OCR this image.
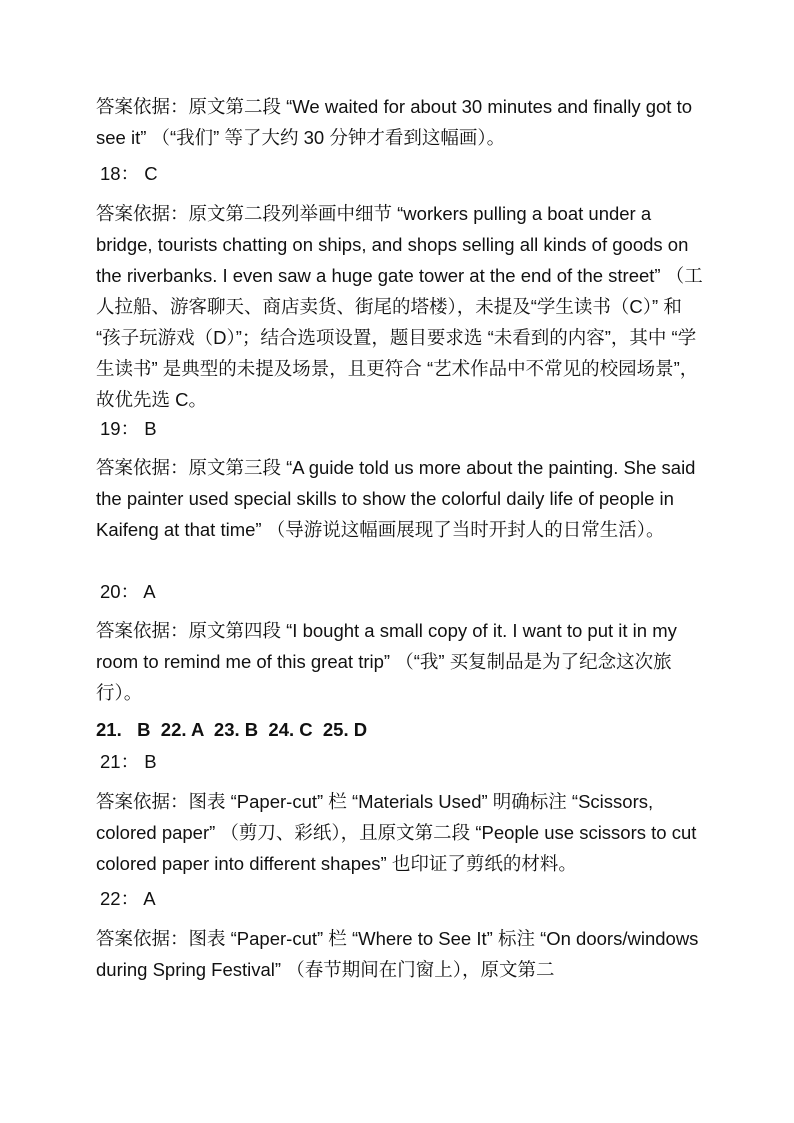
答案依据：原文第二段 “We waited for about 30 minutes and finally got to see it” （“我们” 等了大约 30 分钟才看到这幅画）。

18： C

答案依据：原文第二段列举画中细节 “workers pulling a boat under a bridge, tourists chatting on ships, and shops selling all kinds of goods on the riverbanks. I even saw a huge gate tower at the end of the street” （工人拉船、游客聊天、商店卖货、街尾的塔楼），未提及“学生读书（C）” 和 “孩子玩游戏（D）”；结合选项设置，题目要求选 “未看到的内容”，其中 “学生读书” 是典型的未提及场景，且更符合 “艺术作品中不常见的校园场景”，故优先选 C。

19： B

答案依据：原文第三段 “A guide told us more about the painting. She said the painter used special skills to show the colorful daily life of people in Kaifeng at that time” （导游说这幅画展现了当时开封人的日常生活）。

20： A

答案依据：原文第四段 “I bought a small copy of it. I want to put it in my room to remind me of this great trip” （“我” 买复制品是为了纪念这次旅行）。

21.   B  22. A  23. B  24. C  25. D

21： B

答案依据：图表 “Paper-cut” 栏 “Materials Used” 明确标注 “Scissors, colored paper” （剪刀、彩纸），且原文第二段 “People use scissors to cut colored paper into different shapes” 也印证了剪纸的材料。

22： A

答案依据：图表 “Paper-cut” 栏 “Where to See It” 标注 “On doors/windows during Spring Festival” （春节期间在门窗上），原文第二
